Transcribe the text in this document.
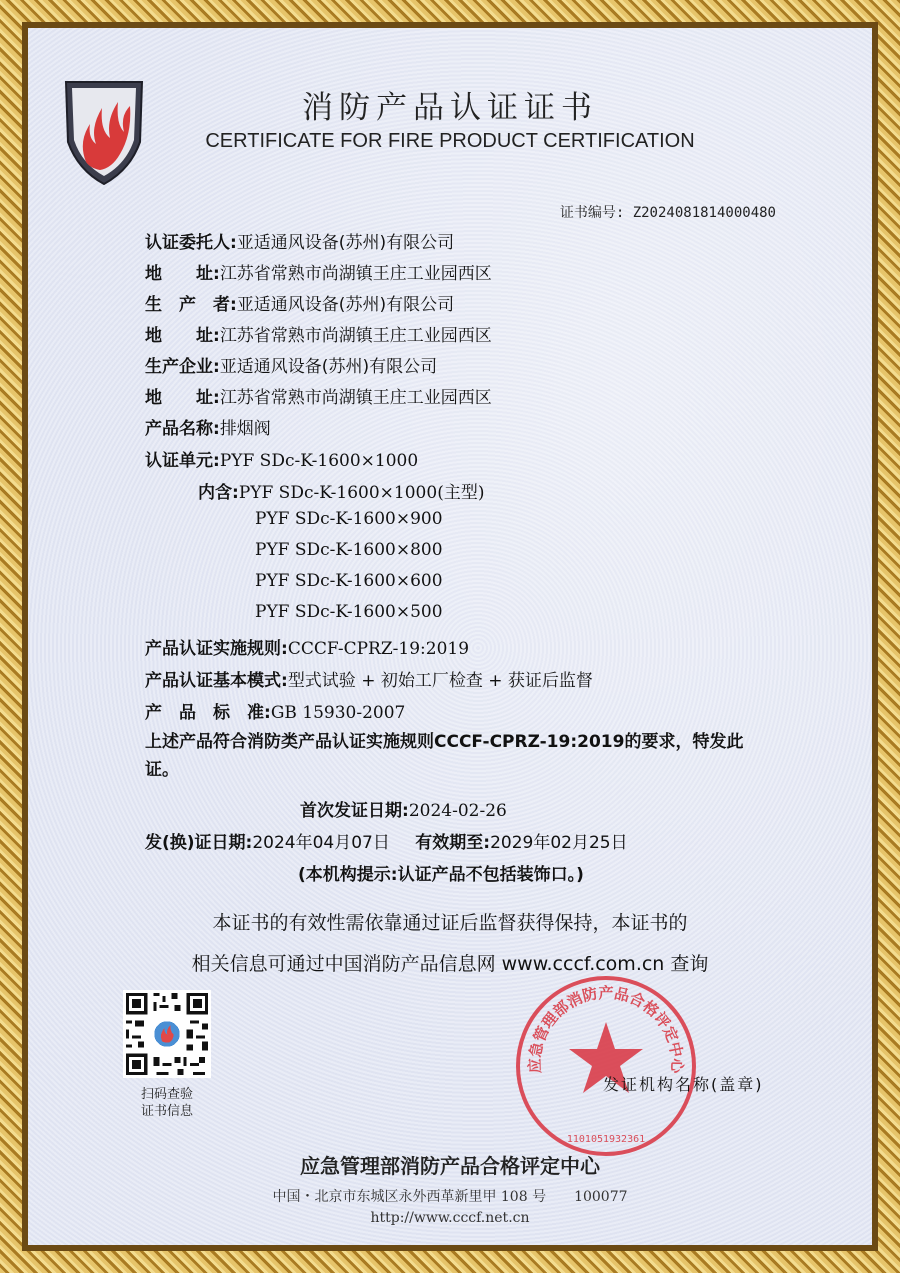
消防产品认证证书
CERTIFICATE FOR FIRE PRODUCT CERTIFICATION
证书编号: Z2024081814000480
认证委托人:亚适通风设备(苏州)有限公司
地　　址:江苏省常熟市尚湖镇王庄工业园西区
生　产　者:亚适通风设备(苏州)有限公司
地　　址:江苏省常熟市尚湖镇王庄工业园西区
生产企业:亚适通风设备(苏州)有限公司
地　　址:江苏省常熟市尚湖镇王庄工业园西区
产品名称:排烟阀
认证单元:PYF SDc-K-1600×1000
内含:PYF SDc-K-1600×1000(主型)
PYF SDc-K-1600×900
PYF SDc-K-1600×800
PYF SDc-K-1600×600
PYF SDc-K-1600×500
产品认证实施规则:CCCF-CPRZ-19:2019
产品认证基本模式:型式试验 + 初始工厂检查 + 获证后监督
产　品　标　准:GB 15930-2007
上述产品符合消防类产品认证实施规则CCCF-CPRZ-19:2019的要求，特发此证。
首次发证日期:2024-02-26
发(换)证日期:2024年04月07日 有效期至:2029年02月25日
(本机构提示:认证产品不包括装饰口。)
本证书的有效性需依靠通过证后监督获得保持，本证书的
相关信息可通过中国消防产品信息网 www.cccf.com.cn 查询
扫码查验
证书信息
应急管理部消防产品合格评定中心
1101051932361
发证机构名称(盖章)
应急管理部消防产品合格评定中心
中国・北京市东城区永外西革新里甲 108 号　　100077
http://www.cccf.net.cn
